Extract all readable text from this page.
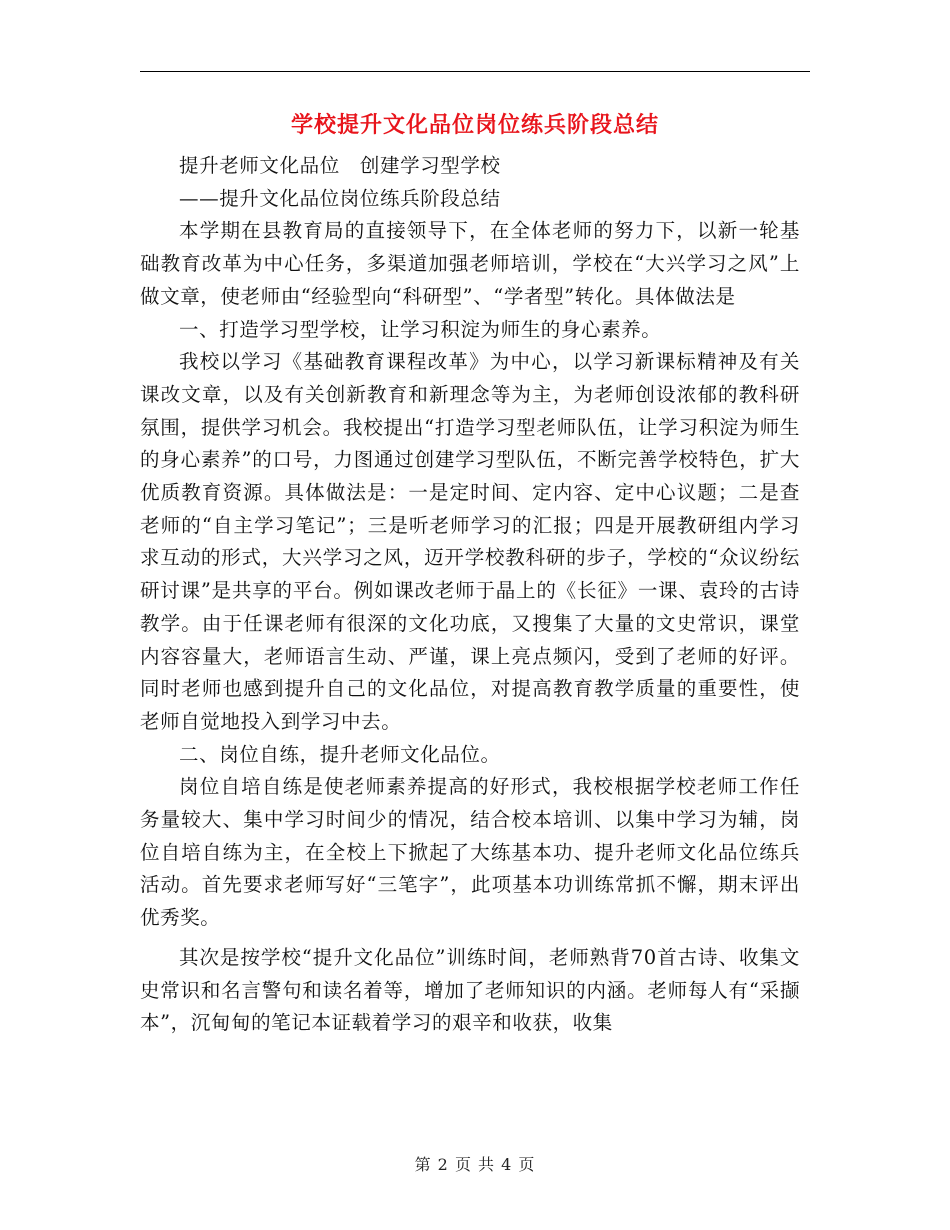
学校提升文化品位岗位练兵阶段总结

提升老师文化品位　创建学习型学校

——提升文化品位岗位练兵阶段总结

本学期在县教育局的直接领导下，在全体老师的努力下，以新一轮基础教育改革为中心任务，多渠道加强老师培训，学校在“大兴学习之风”上做文章，使老师由“经验型向“科研型”、“学者型”转化。具体做法是

一、打造学习型学校，让学习积淀为师生的身心素养。

我校以学习《基础教育课程改革》为中心，以学习新课标精神及有关课改文章，以及有关创新教育和新理念等为主，为老师创设浓郁的教科研氛围，提供学习机会。我校提出“打造学习型老师队伍，让学习积淀为师生的身心素养”的口号，力图通过创建学习型队伍，不断完善学校特色，扩大优质教育资源。具体做法是：一是定时间、定内容、定中心议题；二是查老师的“自主学习笔记”；三是听老师学习的汇报；四是开展教研组内学习求互动的形式，大兴学习之风，迈开学校教科研的步子，学校的“众议纷纭研讨课”是共享的平台。例如课改老师于晶上的《长征》一课、袁玲的古诗教学。由于任课老师有很深的文化功底，又搜集了大量的文史常识，课堂内容容量大，老师语言生动、严谨，课上亮点频闪，受到了老师的好评。同时老师也感到提升自己的文化品位，对提高教育教学质量的重要性，使老师自觉地投入到学习中去。

二、岗位自练，提升老师文化品位。

岗位自培自练是使老师素养提高的好形式，我校根据学校老师工作任务量较大、集中学习时间少的情况，结合校本培训、以集中学习为辅，岗位自培自练为主，在全校上下掀起了大练基本功、提升老师文化品位练兵活动。首先要求老师写好“三笔字”，此项基本功训练常抓不懈，期末评出优秀奖。

其次是按学校“提升文化品位”训练时间，老师熟背70首古诗、收集文史常识和名言警句和读名着等，增加了老师知识的内涵。老师每人有“采撷本”，沉甸甸的笔记本证载着学习的艰辛和收获，收集

第 2 页 共 4 页
